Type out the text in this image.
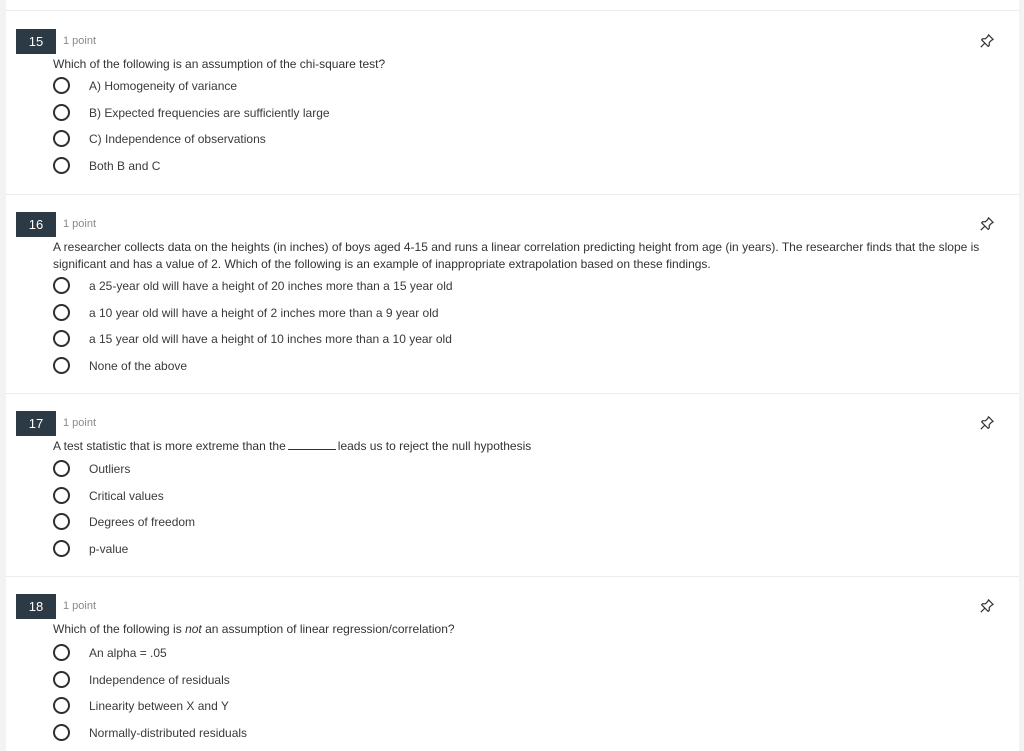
15	1 point
Which of the following is an assumption of the chi-square test?
A) Homogeneity of variance
B) Expected frequencies are sufficiently large
C) Independence of observations
Both B and C
16	1 point
A researcher collects data on the heights (in inches) of boys aged 4-15 and runs a linear correlation predicting height from age (in years). The researcher finds that the slope is significant and has a value of 2. Which of the following is an example of inappropriate extrapolation based on these findings.
a 25-year old will have a height of 20 inches more than a 15 year old
a 10 year old will have a height of 2 inches more than a 9 year old
a 15 year old will have a height of 10 inches more than a 10 year old
None of the above
17	1 point
A test statistic that is more extreme than the	leads us to reject the null hypothesis
Outliers
Critical values
Degrees of freedom
p-value
18	1 point
Which of the following is not an assumption of linear regression/correlation?
An alpha = .05
Independence of residuals
Linearity between X and Y
Normally-distributed residuals
